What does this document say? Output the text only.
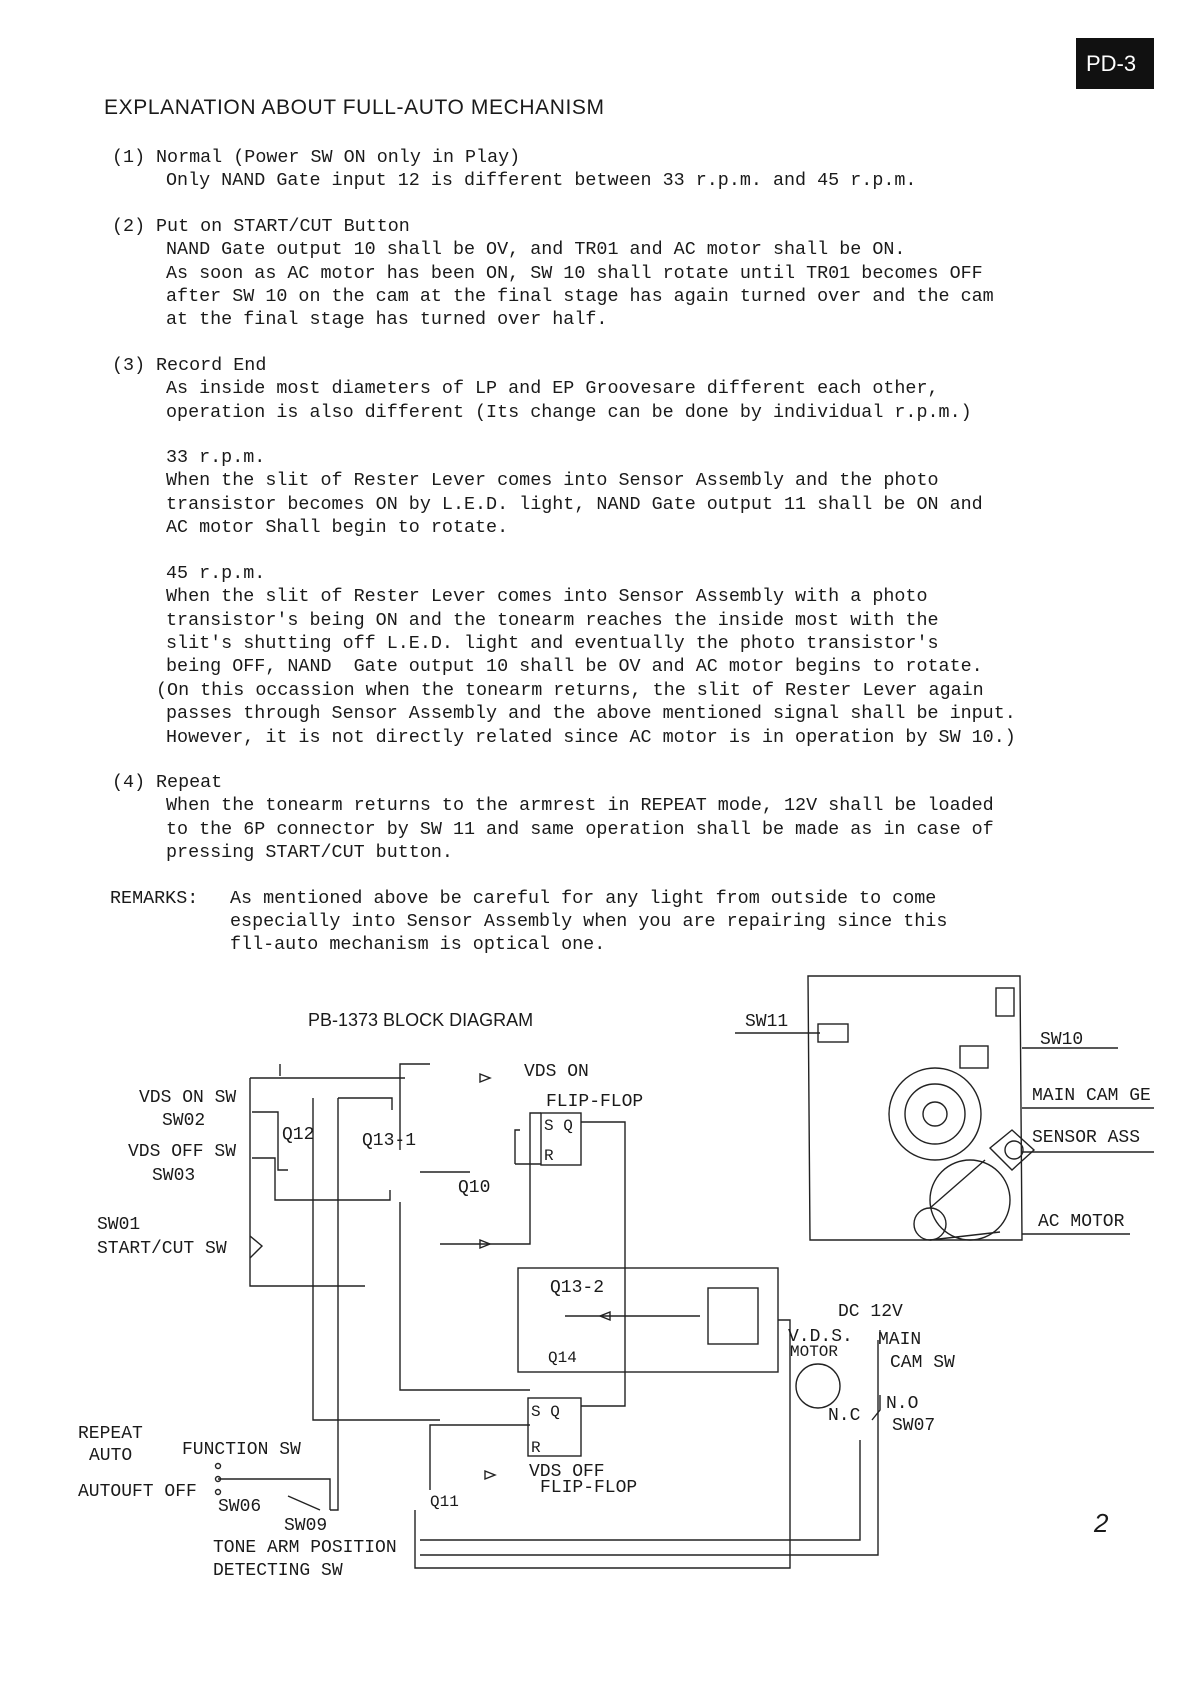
PD-3
EXPLANATION ABOUT FULL-AUTO MECHANISM
(1) Normal (Power SW ON only in Play)
Only NAND Gate input 12 is different between 33 r.p.m. and 45 r.p.m.
(2) Put on START/CUT Button
NAND Gate output 10 shall be OV, and TR01 and AC motor shall be ON.
As soon as AC motor has been ON, SW 10 shall rotate until TR01 becomes OFF
after SW 10 on the cam at the final stage has again turned over and the cam
at the final stage has turned over half.
(3) Record End
As inside most diameters of LP and EP Groovesare different each other,
operation is also different (Its change can be done by individual r.p.m.)
33 r.p.m.
When the slit of Rester Lever comes into Sensor Assembly and the photo
transistor becomes ON by L.E.D. light, NAND Gate output 11 shall be ON and
AC motor Shall begin to rotate.
45 r.p.m.
When the slit of Rester Lever comes into Sensor Assembly with a photo
transistor's being ON and the tonearm reaches the inside most with the
slit's shutting off L.E.D. light and eventually the photo transistor's
being OFF, NAND  Gate output 10 shall be OV and AC motor begins to rotate.
(On this occassion when the tonearm returns, the slit of Rester Lever again
passes through Sensor Assembly and the above mentioned signal shall be input.
However, it is not directly related since AC motor is in operation by SW 10.)
(4) Repeat
When the tonearm returns to the armrest in REPEAT mode, 12V shall be loaded
to the 6P connector by SW 11 and same operation shall be made as in case of
pressing START/CUT button.
REMARKS:	As mentioned above be careful for any light from outside to come
especially into Sensor Assembly when you are repairing since this
fll-auto mechanism is optical one.
PB-1373 BLOCK DIAGRAM
VDS ON SW
SW02
VDS OFF SW
SW03
SW01
START/CUT SW
Q12	Q13-1
Q10
VDS ON
FLIP-FLOP
S Q
R
Q13-2
Q14
S Q
R
VDS OFF
FLIP-FLOP
Q11
REPEAT
AUTO	FUNCTION SW
AUTOUFT OFF
SW06
SW09
TONE ARM POSITION
DETECTING SW
DC 12V
V.D.S.
MOTOR
MAIN
CAM SW
N.C
N.O
SW07
SW11
SW10
MAIN CAM GE
SENSOR ASS
AC MOTOR
2
